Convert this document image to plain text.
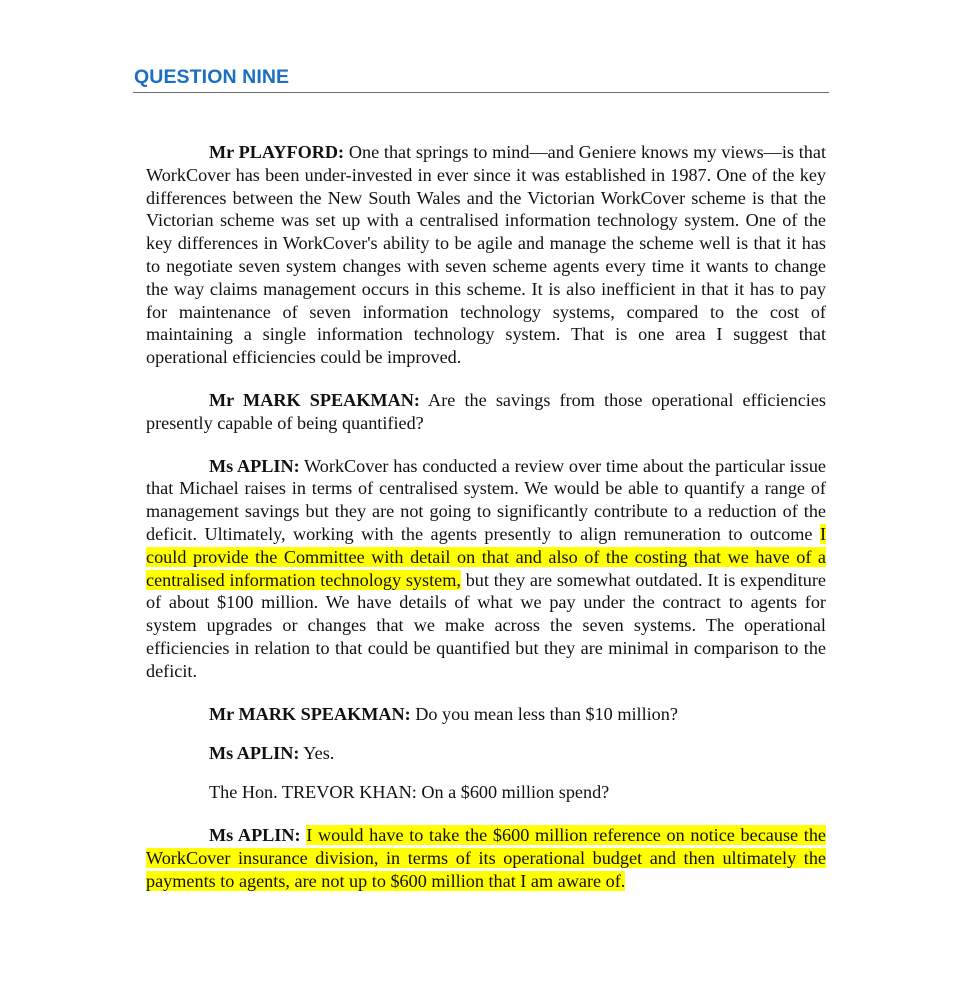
QUESTION NINE

Mr PLAYFORD: One that springs to mind—and Geniere knows my views—is that WorkCover has been under-invested in ever since it was established in 1987. One of the key differences between the New South Wales and the Victorian WorkCover scheme is that the Victorian scheme was set up with a centralised information technology system. One of the key differences in WorkCover's ability to be agile and manage the scheme well is that it has to negotiate seven system changes with seven scheme agents every time it wants to change the way claims management occurs in this scheme. It is also inefficient in that it has to pay for maintenance of seven information technology systems, compared to the cost of maintaining a single information technology system. That is one area I suggest that operational efficiencies could be improved.

Mr MARK SPEAKMAN: Are the savings from those operational efficiencies presently capable of being quantified?

Ms APLIN: WorkCover has conducted a review over time about the particular issue that Michael raises in terms of centralised system. We would be able to quantify a range of management savings but they are not going to significantly contribute to a reduction of the deficit. Ultimately, working with the agents presently to align remuneration to outcome I could provide the Committee with detail on that and also of the costing that we have of a centralised information technology system, but they are somewhat outdated. It is expenditure of about $100 million. We have details of what we pay under the contract to agents for system upgrades or changes that we make across the seven systems. The operational efficiencies in relation to that could be quantified but they are minimal in comparison to the deficit.

Mr MARK SPEAKMAN: Do you mean less than $10 million?

Ms APLIN: Yes.

The Hon. TREVOR KHAN: On a $600 million spend?

Ms APLIN: I would have to take the $600 million reference on notice because the WorkCover insurance division, in terms of its operational budget and then ultimately the payments to agents, are not up to $600 million that I am aware of.
